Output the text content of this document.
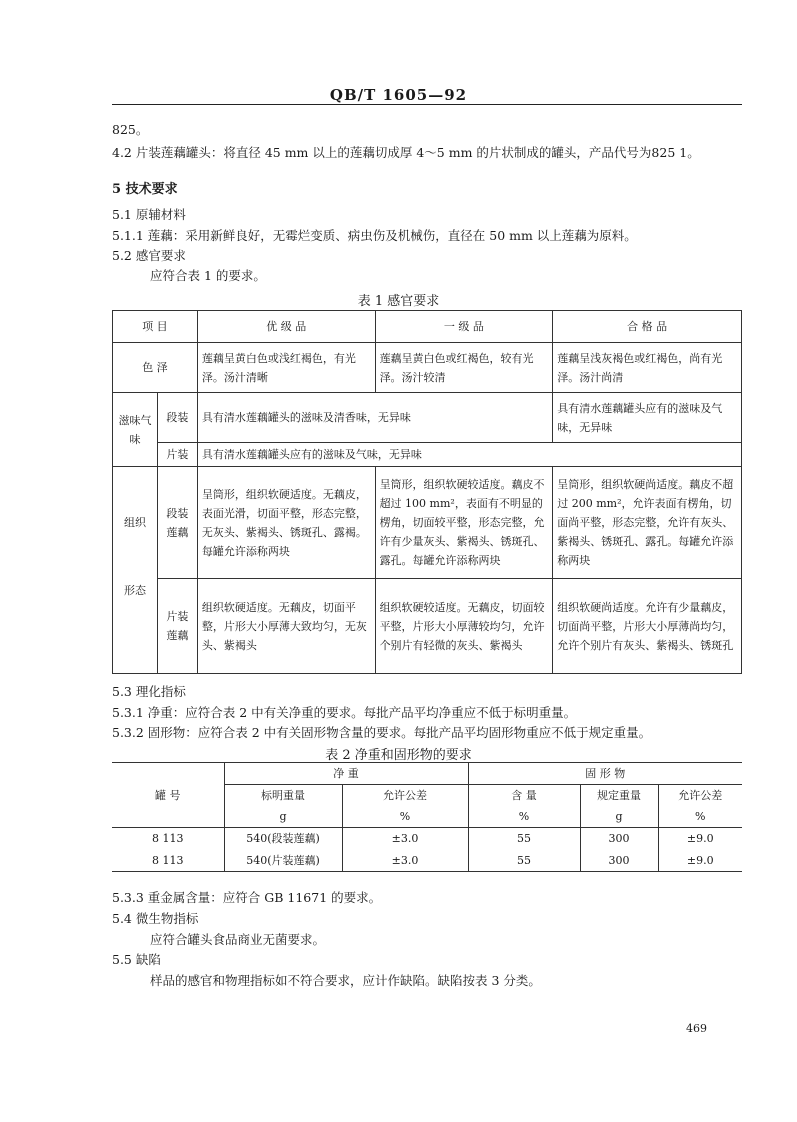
QB/T 1605—92
825。
4.2 片装莲藕罐头：将直径 45 mm 以上的莲藕切成厚 4～5 mm 的片状制成的罐头，产品代号为825 1。
5 技术要求
5.1 原辅材料
5.1.1 莲藕：采用新鲜良好，无霉烂变质、病虫伤及机械伤，直径在 50 mm 以上莲藕为原料。
5.2 感官要求
应符合表 1 的要求。
表 1 感官要求
项 目		优 级 品	一 级 品	合 格 品
色 泽		莲藕呈黄白色或浅红褐色，有光泽。汤汁清晰	莲藕呈黄白色或红褐色，较有光泽。汤汁较清	莲藕呈浅灰褐色或红褐色，尚有光泽。汤汁尚清
滋味气味	段装	具有清水莲藕罐头的滋味及清香味，无异味		具有清水莲藕罐头应有的滋味及气味，无异味
	片装	具有清水莲藕罐头应有的滋味及气味，无异味		
组织	段装莲藕	呈筒形，组织软硬适度。无藕皮，表面光滑，切面平整，形态完整，无灰头、紫褐头、锈斑孔、露褐。每罐允许添称两块	呈筒形，组织软硬较适度。藕皮不超过 100 mm²，表面有不明显的楞角，切面较平整，形态完整，允许有少量灰头、紫褐头、锈斑孔、露孔。每罐允许添称两块	呈筒形，组织软硬尚适度。藕皮不超过 200 mm²，允许表面有楞角，切面尚平整，形态完整，允许有灰头、紫褐头、锈斑孔、露孔。每罐允许添称两块
形态	片装莲藕	组织软硬适度。无藕皮，切面平整，片形大小厚薄大致均匀，无灰头、紫褐头	组织软硬较适度。无藕皮，切面较平整，片形大小厚薄较均匀，允许个别片有轻微的灰头、紫褐头	组织软硬尚适度。允许有少量藕皮，切面尚平整，片形大小厚薄尚均匀，允许个别片有灰头、紫褐头、锈斑孔
5.3 理化指标
5.3.1 净重：应符合表 2 中有关净重的要求。每批产品平均净重应不低于标明重量。
5.3.2 固形物：应符合表 2 中有关固形物含量的要求。每批产品平均固形物重应不低于规定重量。
表 2 净重和固形物的要求
罐 号	净 重		固 形 物		
	标明重量	允许公差	含 量	规定重量	允许公差
	g	%	%	g	%
8 113	540(段装莲藕)	±3.0	55	300	±9.0
8 113	540(片装莲藕)	±3.0	55	300	±9.0
5.3.3 重金属含量：应符合 GB 11671 的要求。
5.4 微生物指标
应符合罐头食品商业无菌要求。
5.5 缺陷
样品的感官和物理指标如不符合要求，应计作缺陷。缺陷按表 3 分类。
469
